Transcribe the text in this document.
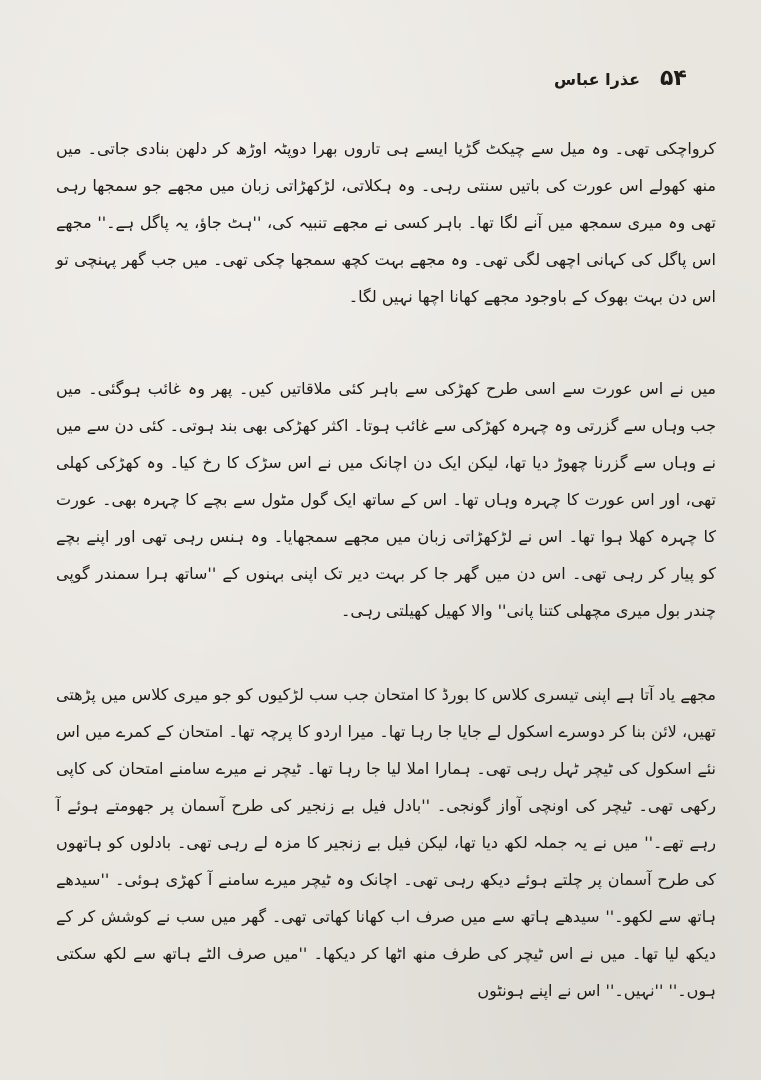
۵۴
عذرا عباس

کرواچکی تھی۔ وہ میل سے چیکٹ گڑیا ایسے ہی تاروں بھرا دوپٹہ اوڑھ کر دلھن بنادی جاتی۔ میں منھ کھولے اس عورت کی باتیں سنتی رہی۔ وہ ہکلاتی، لڑکھڑاتی زبان میں مجھے جو سمجھا رہی تھی وہ میری سمجھ میں آنے لگا تھا۔ باہر کسی نے مجھے تنبیہ کی، ''ہٹ جاؤ، یہ پاگل ہے۔'' مجھے اس پاگل کی کہانی اچھی لگی تھی۔ وہ مجھے بہت کچھ سمجھا چکی تھی۔ میں جب گھر پہنچی تو اس دن بہت بھوک کے باوجود مجھے کھانا اچھا نہیں لگا۔

میں نے اس عورت سے اسی طرح کھڑکی سے باہر کئی ملاقاتیں کیں۔ پھر وہ غائب ہوگئی۔ میں جب وہاں سے گزرتی وہ چہرہ کھڑکی سے غائب ہوتا۔ اکثر کھڑکی بھی بند ہوتی۔ کئی دن سے میں نے وہاں سے گزرنا چھوڑ دیا تھا، لیکن ایک دن اچانک میں نے اس سڑک کا رخ کیا۔ وہ کھڑکی کھلی تھی، اور اس عورت کا چہرہ وہاں تھا۔ اس کے ساتھ ایک گول مٹول سے بچے کا چہرہ بھی۔ عورت کا چہرہ کھلا ہوا تھا۔ اس نے لڑکھڑاتی زبان میں مجھے سمجھایا۔ وہ ہنس رہی تھی اور اپنے بچے کو پیار کر رہی تھی۔ اس دن میں گھر جا کر بہت دیر تک اپنی بہنوں کے ''ساتھ ہرا سمندر گوپی چندر بول میری مچھلی کتنا پانی'' والا کھیل کھیلتی رہی۔

مجھے یاد آتا ہے اپنی تیسری کلاس کا بورڈ کا امتحان جب سب لڑکیوں کو جو میری کلاس میں پڑھتی تھیں، لائن بنا کر دوسرے اسکول لے جایا جا رہا تھا۔ میرا اردو کا پرچہ تھا۔ امتحان کے کمرے میں اس نئے اسکول کی ٹیچر ٹہل رہی تھی۔ ہمارا املا لیا جا رہا تھا۔ ٹیچر نے میرے سامنے امتحان کی کاپی رکھی تھی۔ ٹیچر کی اونچی آواز گونجی۔ ''بادل فیل بے زنجیر کی طرح آسمان پر جھومتے ہوئے آ رہے تھے۔'' میں نے یہ جملہ لکھ دیا تھا، لیکن فیل بے زنجیر کا مزہ لے رہی تھی۔ بادلوں کو ہاتھوں کی طرح آسمان پر چلتے ہوئے دیکھ رہی تھی۔ اچانک وہ ٹیچر میرے سامنے آ کھڑی ہوئی۔ ''سیدھے ہاتھ سے لکھو۔'' سیدھے ہاتھ سے میں صرف اب کھانا کھاتی تھی۔ گھر میں سب نے کوشش کر کے دیکھ لیا تھا۔ میں نے اس ٹیچر کی طرف منھ اٹھا کر دیکھا۔ ''میں صرف الٹے ہاتھ سے لکھ سکتی ہوں۔'' ''نہیں۔'' اس نے اپنے ہونٹوں
